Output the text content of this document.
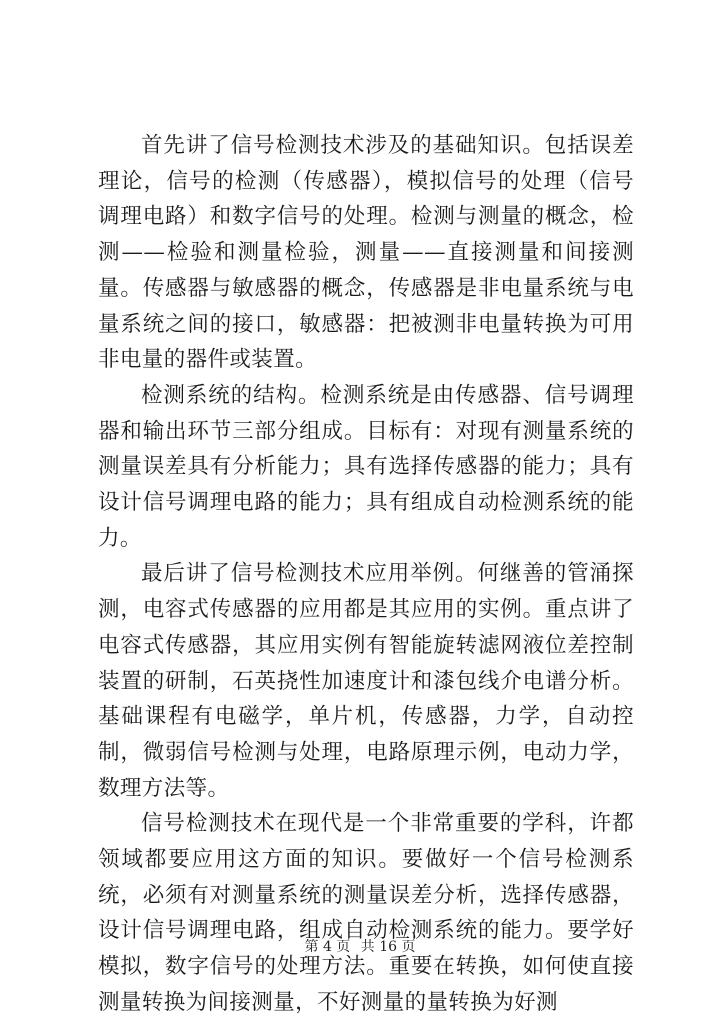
首先讲了信号检测技术涉及的基础知识。包括误差理论，信号的检测（传感器），模拟信号的处理（信号调理电路）和数字信号的处理。检测与测量的概念，检测——检验和测量检验，测量——直接测量和间接测量。传感器与敏感器的概念，传感器是非电量系统与电量系统之间的接口，敏感器：把被测非电量转换为可用非电量的器件或装置。

检测系统的结构。检测系统是由传感器、信号调理器和输出环节三部分组成。目标有：对现有测量系统的测量误差具有分析能力；具有选择传感器的能力；具有设计信号调理电路的能力；具有组成自动检测系统的能力。

最后讲了信号检测技术应用举例。何继善的管涌探测，电容式传感器的应用都是其应用的实例。重点讲了电容式传感器，其应用实例有智能旋转滤网液位差控制装置的研制，石英挠性加速度计和漆包线介电谱分析。基础课程有电磁学，单片机，传感器，力学，自动控制，微弱信号检测与处理，电路原理示例，电动力学，数理方法等。

信号检测技术在现代是一个非常重要的学科，许都领域都要应用这方面的知识。要做好一个信号检测系统，必须有对测量系统的测量误差分析，选择传感器，设计信号调理电路，组成自动检测系统的能力。要学好模拟，数字信号的处理方法。重要在转换，如何使直接测量转换为间接测量，不好测量的量转换为好测

第 4 页 共 16 页
